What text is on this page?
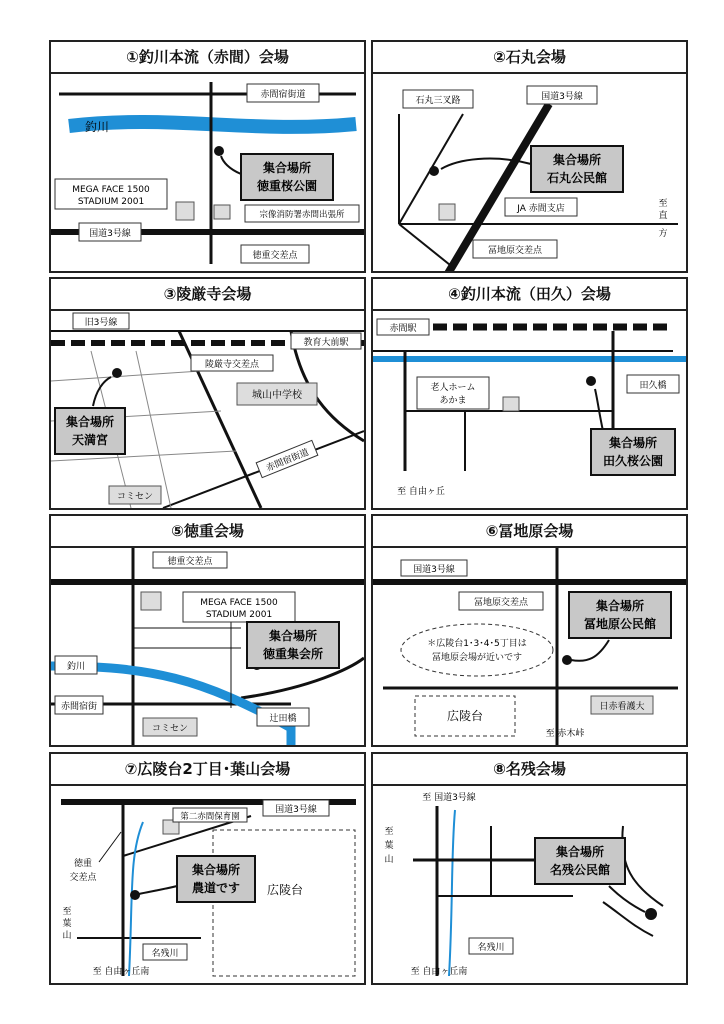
①釣川本流（赤間）会場
赤間宿街道
釣川
集合場所
徳重桜公園
MEGA FACE 1500
STADIUM 2001
宗像消防署赤間出張所
国道3号線
徳重交差点
②石丸会場
石丸三叉路	国道3号線
集合場所
石丸公民館
JA 赤間支店	至
直
方
冨地原交差点
③陵厳寺会場
旧3号線
陵厳寺交差点
教育大前駅
城山中学校
集合場所
天満宮
赤間宿街道
コミセン
④釣川本流（田久）会場
赤間駅
老人ホーム
あかま
田久橋
集合場所
田久桜公園
至 自由ヶ丘
⑤徳重会場
徳重交差点
MEGA FACE 1500
STADIUM 2001
集合場所
徳重集会所
釣川
赤間宿街
コミセン
辻田橋
⑥冨地原会場
国道3号線
冨地原交差点	集合場所
冨地原公民館
＊広陵台1･3･4･5丁目は
冨地原会場が近いです
日赤看護大
広陵台
至 赤木峠
⑦広陵台2丁目･葉山会場
広陵台
国道3号線
第二赤間保育園
徳重
交差点
集合場所
農道です
至
葉
山
名残川
至 自由ヶ丘南
⑧名残会場
至 国道3号線
至
葉
山
集合場所
名残公民館
名残川
至 自由ヶ丘南
